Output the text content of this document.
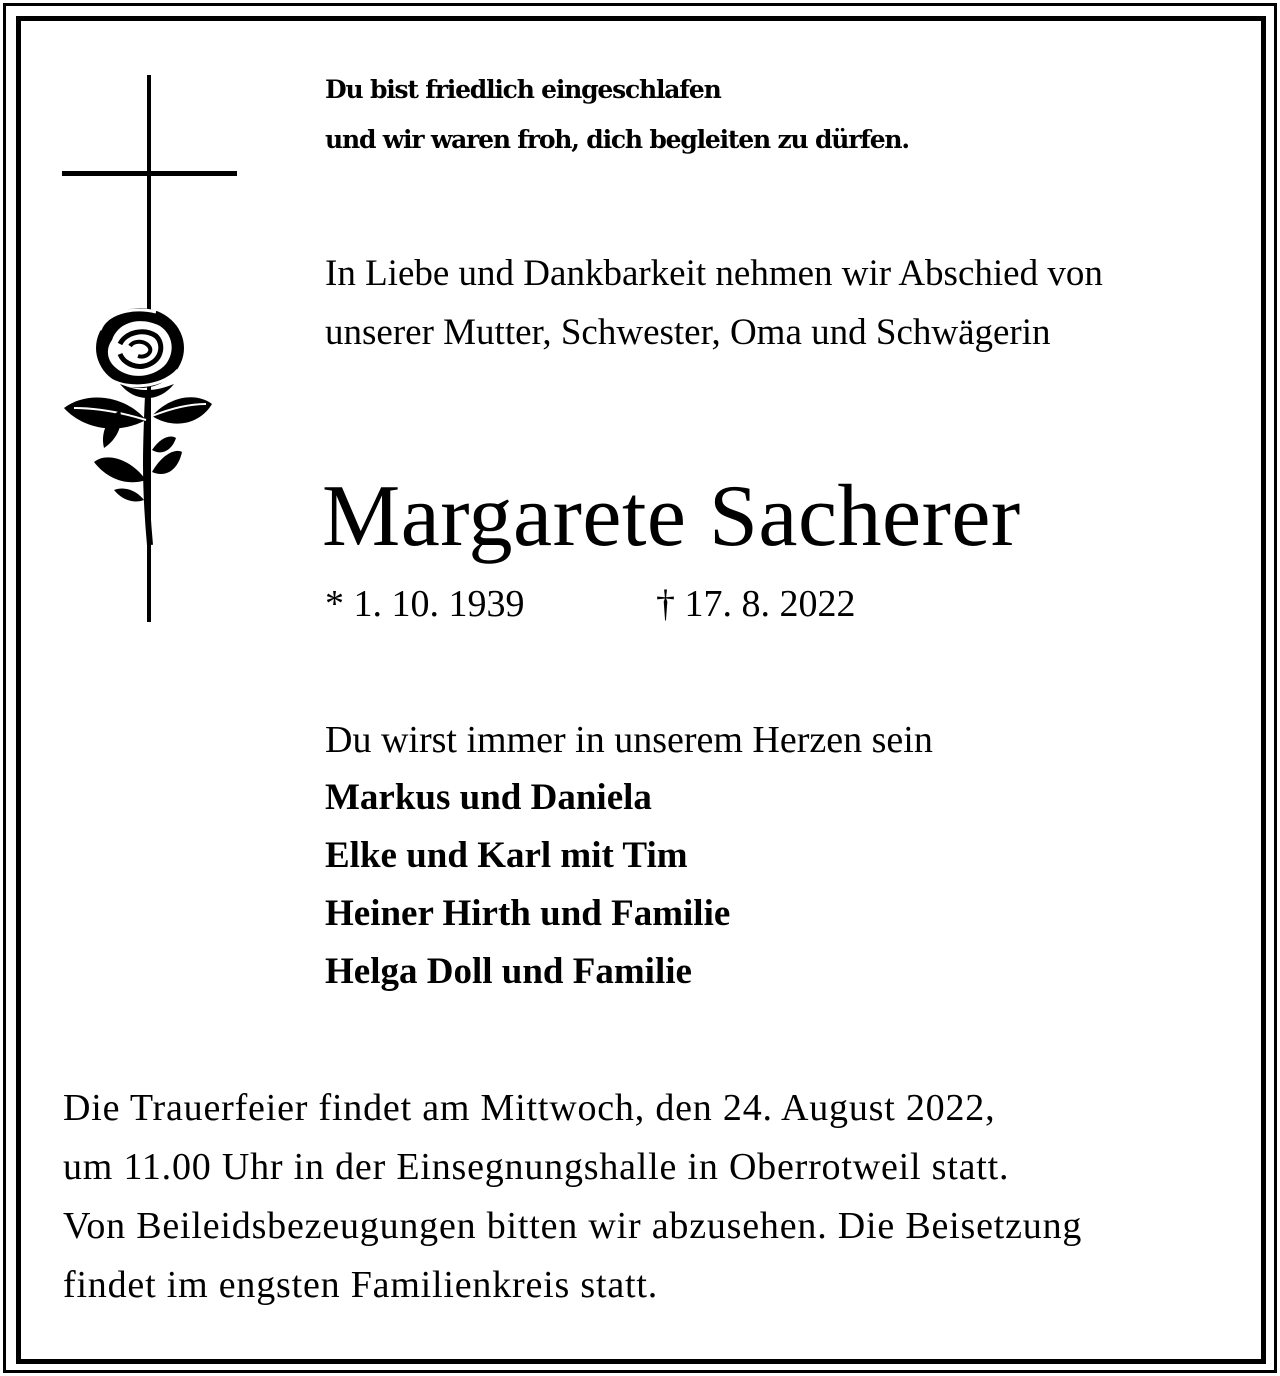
Du bist friedlich eingeschlafen
und wir waren froh, dich begleiten zu dürfen.
In Liebe und Dankbarkeit nehmen wir Abschied von
unserer Mutter, Schwester, Oma und Schwägerin
Margarete Sacherer
* 1. 10. 1939	† 17. 8. 2022
Du wirst immer in unserem Herzen sein
Markus und Daniela
Elke und Karl mit Tim
Heiner Hirth und Familie
Helga Doll und Familie
Die Trauerfeier findet am Mittwoch, den 24. August 2022,
um 11.00 Uhr in der Einsegnungshalle in Oberrotweil statt.
Von Beileidsbezeugungen bitten wir abzusehen. Die Beisetzung
findet im engsten Familienkreis statt.
